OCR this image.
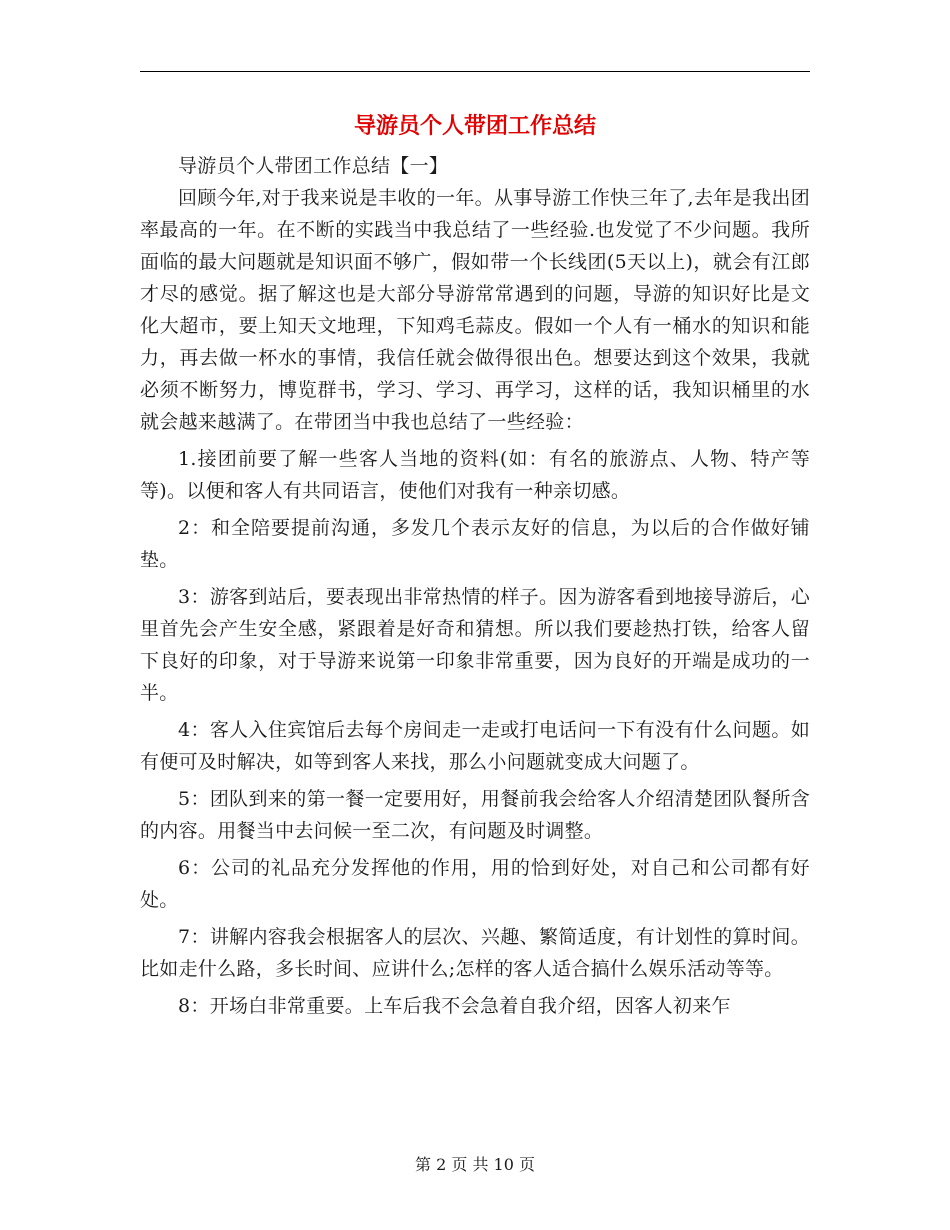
导游员个人带团工作总结

导游员个人带团工作总结【一】

回顾今年,对于我来说是丰收的一年。从事导游工作快三年了,去年是我出团率最高的一年。在不断的实践当中我总结了一些经验.也发觉了不少问题。我所面临的最大问题就是知识面不够广，假如带一个长线团(5天以上)，就会有江郎才尽的感觉。据了解这也是大部分导游常常遇到的问题，导游的知识好比是文化大超市，要上知天文地理，下知鸡毛蒜皮。假如一个人有一桶水的知识和能力，再去做一杯水的事情，我信任就会做得很出色。想要达到这个效果，我就必须不断努力，博览群书，学习、学习、再学习，这样的话，我知识桶里的水就会越来越满了。在带团当中我也总结了一些经验：

1.接团前要了解一些客人当地的资料(如：有名的旅游点、人物、特产等等)。以便和客人有共同语言，使他们对我有一种亲切感。

2：和全陪要提前沟通，多发几个表示友好的信息，为以后的合作做好铺垫。

3：游客到站后，要表现出非常热情的样子。因为游客看到地接导游后，心里首先会产生安全感，紧跟着是好奇和猜想。所以我们要趁热打铁，给客人留下良好的印象，对于导游来说第一印象非常重要，因为良好的开端是成功的一半。

4：客人入住宾馆后去每个房间走一走或打电话问一下有没有什么问题。如有便可及时解决，如等到客人来找，那么小问题就变成大问题了。

5：团队到来的第一餐一定要用好，用餐前我会给客人介绍清楚团队餐所含的内容。用餐当中去问候一至二次，有问题及时调整。

6：公司的礼品充分发挥他的作用，用的恰到好处，对自己和公司都有好处。

7：讲解内容我会根据客人的层次、兴趣、繁简适度，有计划性的算时间。比如走什么路，多长时间、应讲什么;怎样的客人适合搞什么娱乐活动等等。

8：开场白非常重要。上车后我不会急着自我介绍，因客人初来乍

第 2 页 共 10 页
